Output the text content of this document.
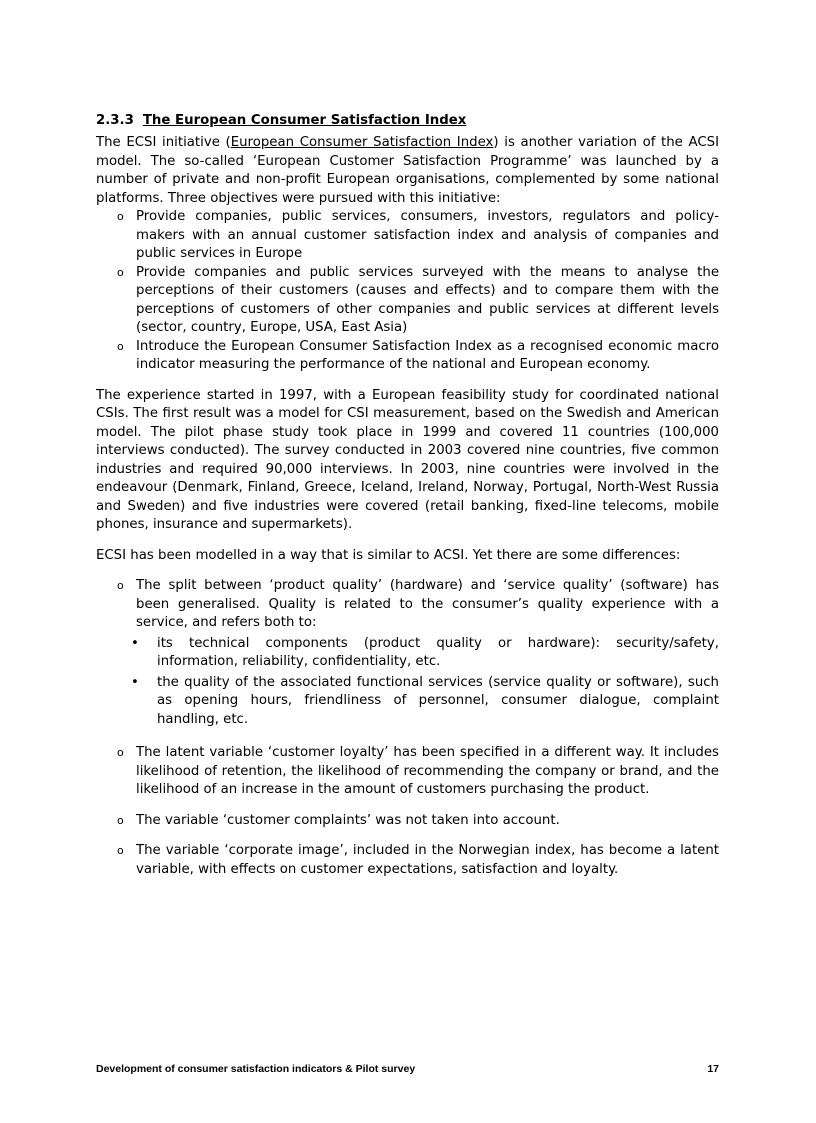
2.3.3 The European Consumer Satisfaction Index

The ECSI initiative (European Consumer Satisfaction Index) is another variation of the ACSI model. The so-called ‘European Customer Satisfaction Programme’ was launched by a number of private and non-profit European organisations, complemented by some national platforms. Three objectives were pursued with this initiative:

o Provide companies, public services, consumers, investors, regulators and policy-makers with an annual customer satisfaction index and analysis of companies and public services in Europe
o Provide companies and public services surveyed with the means to analyse the perceptions of their customers (causes and effects) and to compare them with the perceptions of customers of other companies and public services at different levels (sector, country, Europe, USA, East Asia)
o Introduce the European Consumer Satisfaction Index as a recognised economic macro indicator measuring the performance of the national and European economy.

The experience started in 1997, with a European feasibility study for coordinated national CSIs. The first result was a model for CSI measurement, based on the Swedish and American model. The pilot phase study took place in 1999 and covered 11 countries (100,000 interviews conducted). The survey conducted in 2003 covered nine countries, five common industries and required 90,000 interviews. In 2003, nine countries were involved in the endeavour (Denmark, Finland, Greece, Iceland, Ireland, Norway, Portugal, North-West Russia and Sweden) and five industries were covered (retail banking, fixed-line telecoms, mobile phones, insurance and supermarkets).

ECSI has been modelled in a way that is similar to ACSI. Yet there are some differences:

o The split between ‘product quality’ (hardware) and ‘service quality’ (software) has been generalised. Quality is related to the consumer’s quality experience with a service, and refers both to:
• its technical components (product quality or hardware): security/safety, information, reliability, confidentiality, etc.
• the quality of the associated functional services (service quality or software), such as opening hours, friendliness of personnel, consumer dialogue, complaint handling, etc.
o The latent variable ‘customer loyalty’ has been specified in a different way. It includes likelihood of retention, the likelihood of recommending the company or brand, and the likelihood of an increase in the amount of customers purchasing the product.
o The variable ‘customer complaints’ was not taken into account.
o The variable ‘corporate image’, included in the Norwegian index, has become a latent variable, with effects on customer expectations, satisfaction and loyalty.
Development of consumer satisfaction indicators & Pilot survey	17
